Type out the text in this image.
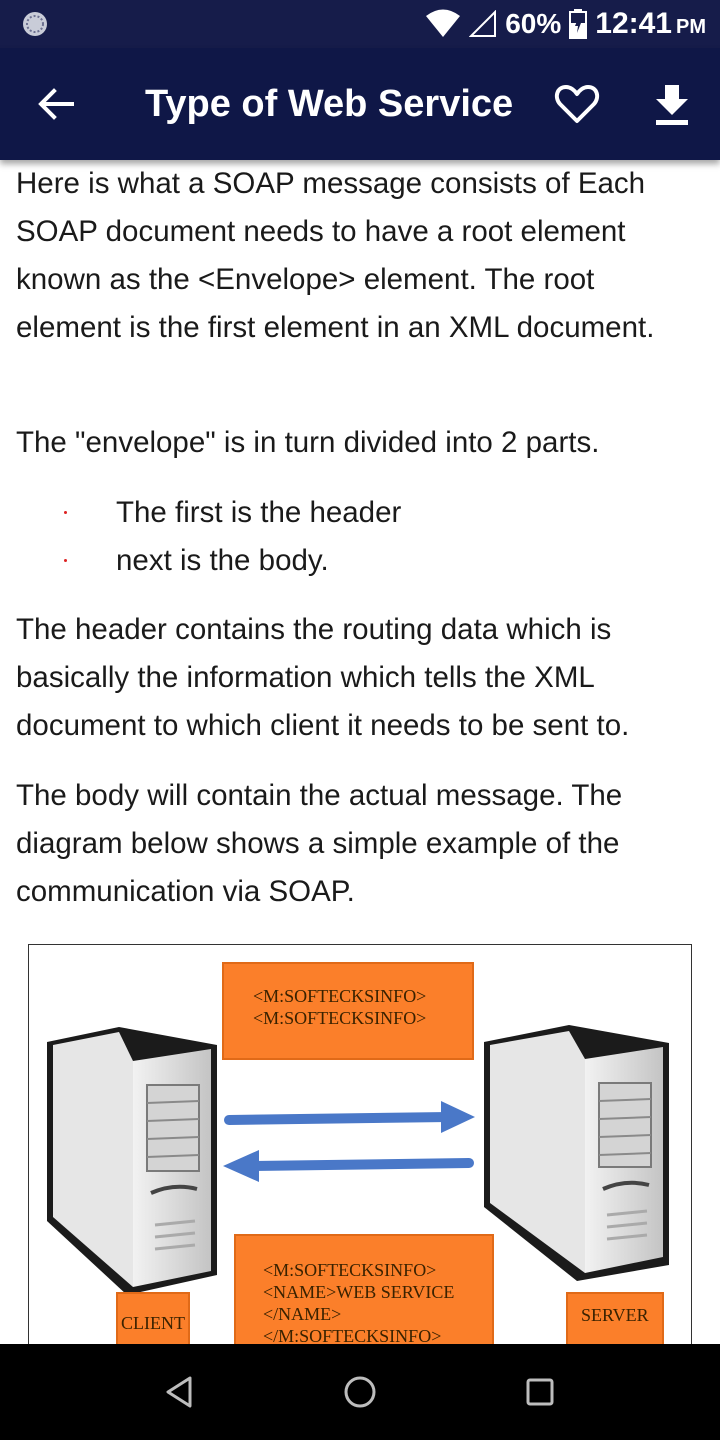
60% 12:41 PM
Type of Web Service

Here is what a SOAP message consists of Each SOAP document needs to have a root element known as the <Envelope> element. The root element is the first element in an XML document.

The "envelope" is in turn divided into 2 parts.

The first is the header
next is the body.

The header contains the routing data which is basically the information which tells the XML document to which client it needs to be sent to.

The body will contain the actual message. The diagram below shows a simple example of the communication via SOAP.

<M:SOFTECKSINFO>
<M:SOFTECKSINFO>
<M:SOFTECKSINFO>
<NAME>WEB SERVICE
</NAME>
</M:SOFTECKSINFO>
CLIENT	SERVER
